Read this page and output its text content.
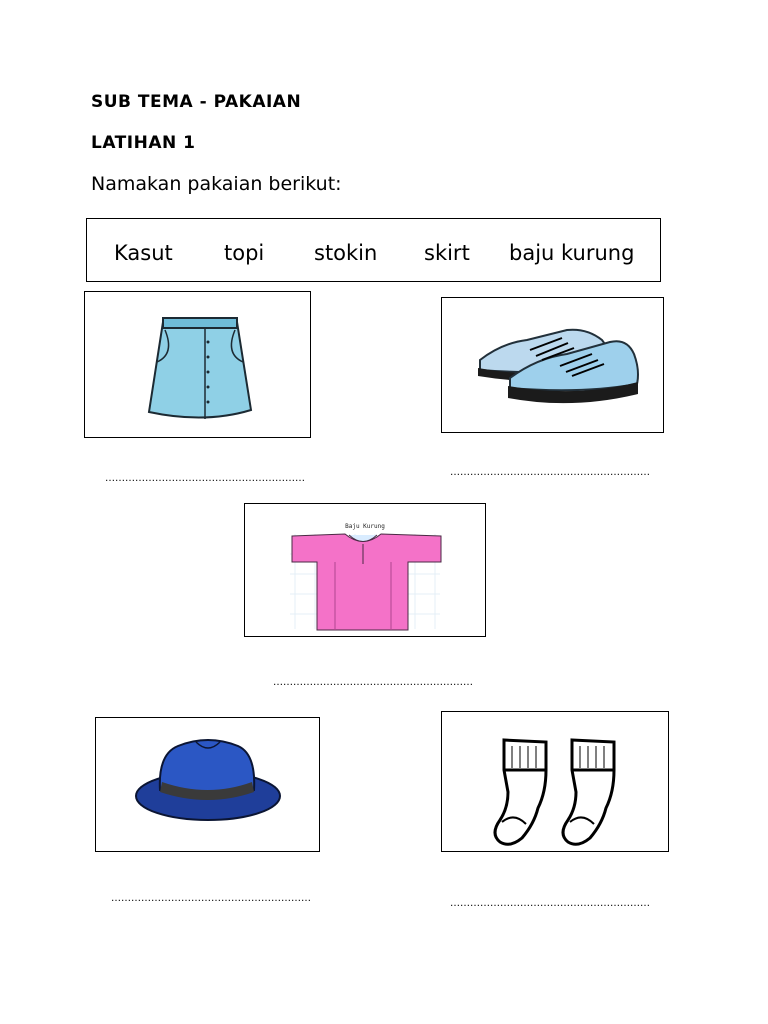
SUB TEMA - PAKAIAN
LATIHAN 1
Namakan pakaian berikut:
Kasut topi stokin skirt baju kurung
……………………………………………………
……………………………………………………
Baju Kurung
……………………………………………………
……………………………………………………	……………………………………………………
